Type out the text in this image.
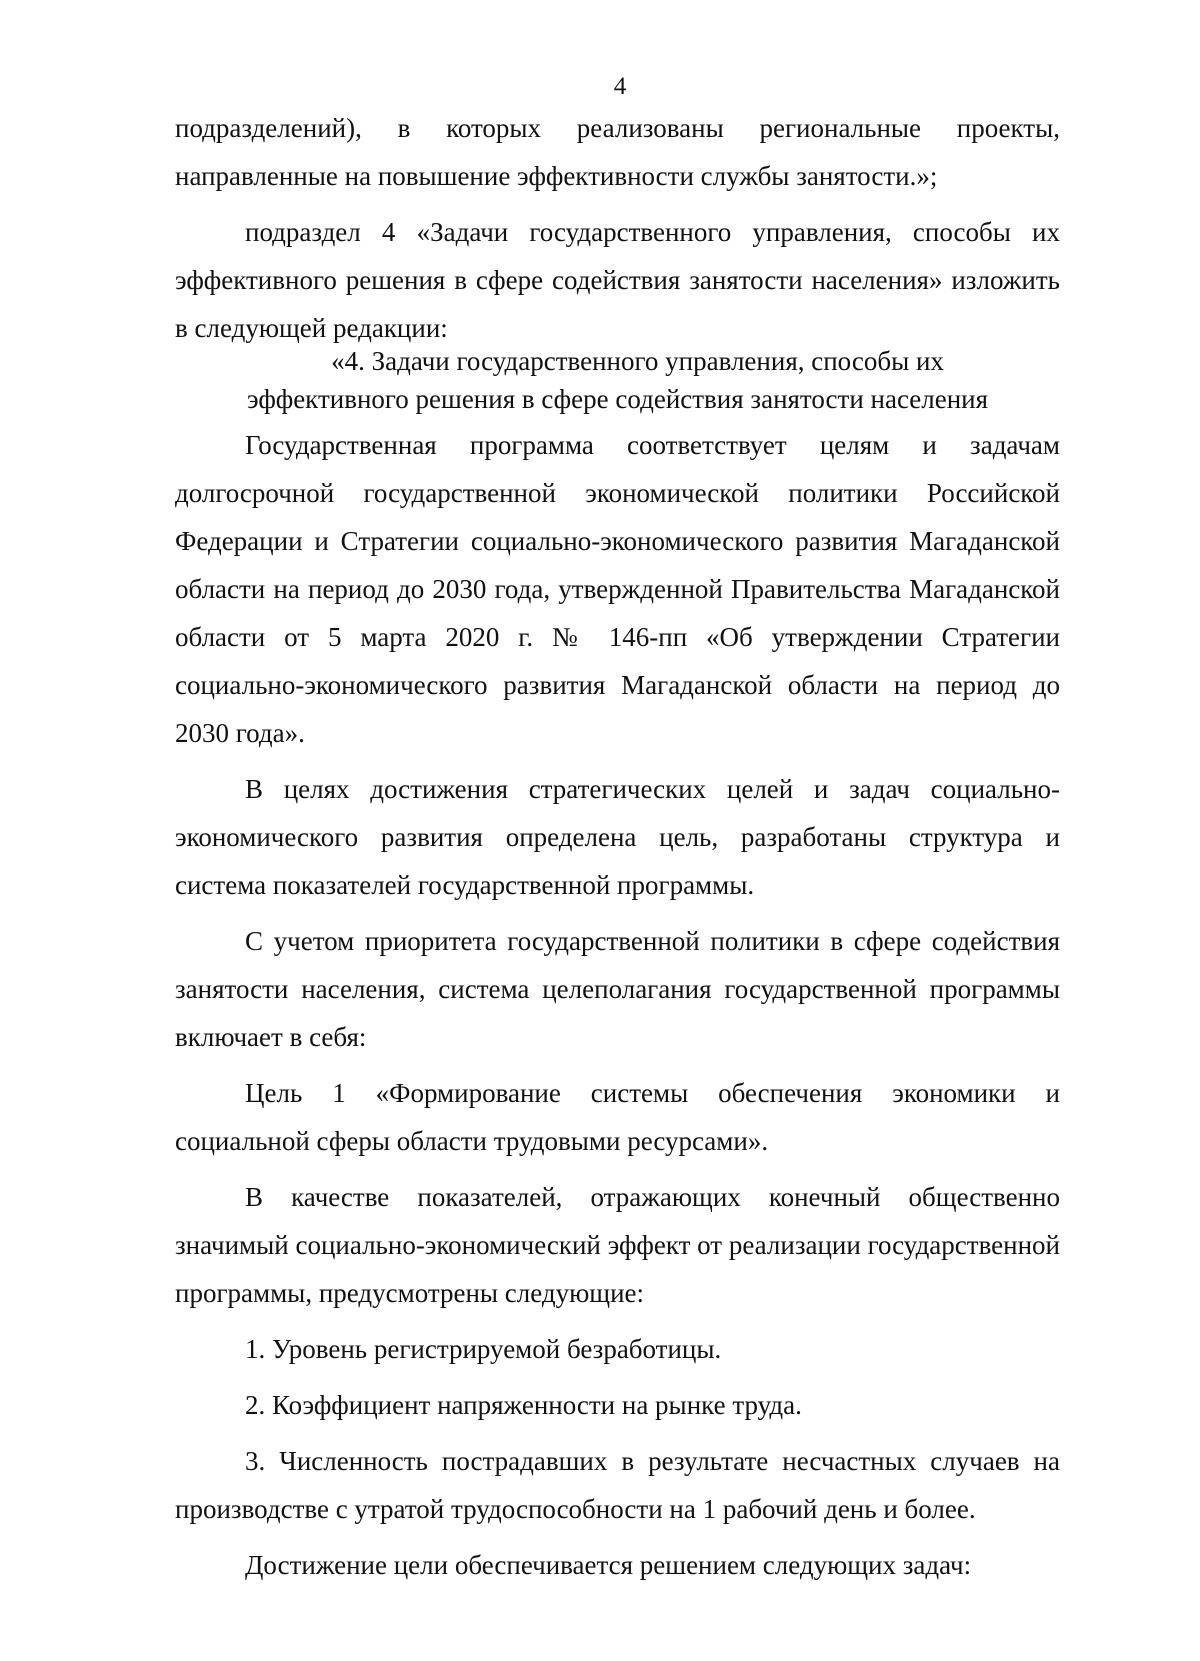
4

подразделений), в которых реализованы региональные проекты, направленные на повышение эффективности службы занятости.»;

подраздел 4 «Задачи государственного управления, способы их эффективного решения в сфере содействия занятости населения» изложить в следующей редакции:

«4. Задачи государственного управления, способы их
эффективного решения в сфере содействия занятости населения

Государственная программа соответствует целям и задачам долгосрочной государственной экономической политики Российской Федерации и Стратегии социально-экономического развития Магаданской области на период до 2030 года, утвержденной Правительства Магаданской области от 5 марта 2020 г. № 146-пп «Об утверждении Стратегии социально-экономического развития Магаданской области на период до 2030 года».

В целях достижения стратегических целей и задач социально-экономического развития определена цель, разработаны структура и система показателей государственной программы.

С учетом приоритета государственной политики в сфере содействия занятости населения, система целеполагания государственной программы включает в себя:

Цель 1 «Формирование системы обеспечения экономики и социальной сферы области трудовыми ресурсами».

В качестве показателей, отражающих конечный общественно значимый социально-экономический эффект от реализации государственной программы, предусмотрены следующие:

1. Уровень регистрируемой безработицы.

2. Коэффициент напряженности на рынке труда.

3. Численность пострадавших в результате несчастных случаев на производстве с утратой трудоспособности на 1 рабочий день и более.

Достижение цели обеспечивается решением следующих задач:
